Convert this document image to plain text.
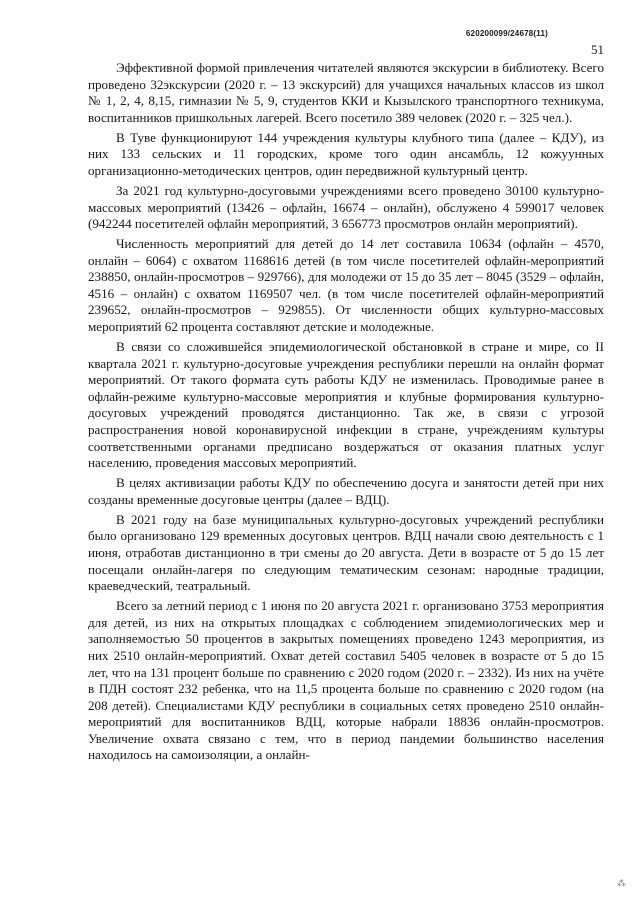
620200099/24678(11)
51

Эффективной формой привлечения читателей являются экскурсии в библиотеку. Всего проведено 32экскурсии (2020 г. – 13 экскурсий) для учащихся начальных классов из школ № 1, 2, 4, 8,15, гимназии № 5, 9, студентов ККИ и Кызылского транспортного техникума, воспитанников пришкольных лагерей. Всего посетило 389 человек (2020 г. – 325 чел.).

В Туве функционируют 144 учреждения культуры клубного типа (далее – КДУ), из них 133 сельских и 11 городских, кроме того один ансамбль, 12 кожуунных организационно-методических центров, один передвижной культурный центр.

За 2021 год культурно-досуговыми учреждениями всего проведено 30100 культурно-массовых мероприятий (13426 – офлайн, 16674 – онлайн), обслужено 4 599017 человек (942244 посетителей офлайн мероприятий, 3 656773 просмотров онлайн мероприятий).

Численность мероприятий для детей до 14 лет составила 10634 (офлайн – 4570, онлайн – 6064) с охватом 1168616 детей (в том числе посетителей офлайн-мероприятий 238850, онлайн-просмотров – 929766), для молодежи от 15 до 35 лет – 8045 (3529 – офлайн, 4516 – онлайн) с охватом 1169507 чел. (в том числе посетителей офлайн-мероприятий 239652, онлайн-просмотров – 929855). От численности общих культурно-массовых мероприятий 62 процента составляют детские и молодежные.

В связи со сложившейся эпидемиологической обстановкой в стране и мире, со II квартала 2021 г. культурно-досуговые учреждения республики перешли на онлайн формат мероприятий. От такого формата суть работы КДУ не изменилась. Проводимые ранее в офлайн-режиме культурно-массовые мероприятия и клубные формирования культурно-досуговых учреждений проводятся дистанционно. Так же, в связи с угрозой распространения новой коронавирусной инфекции в стране, учреждениям культуры соответственными органами предписано воздержаться от оказания платных услуг населению, проведения массовых мероприятий.

В целях активизации работы КДУ по обеспечению досуга и занятости детей при них созданы временные досуговые центры (далее – ВДЦ).

В 2021 году на базе муниципальных культурно-досуговых учреждений республики было организовано 129 временных досуговых центров. ВДЦ начали свою деятельность с 1 июня, отработав дистанционно в три смены до 20 августа. Дети в возрасте от 5 до 15 лет посещали онлайн-лагеря по следующим тематическим сезонам: народные традиции, краеведческий, театральный.

Всего за летний период с 1 июня по 20 августа 2021 г. организовано 3753 мероприятия для детей, из них на открытых площадках с соблюдением эпидемиологических мер и заполняемостью 50 процентов в закрытых помещениях проведено 1243 мероприятия, из них 2510 онлайн-мероприятий. Охват детей составил 5405 человек в возрасте от 5 до 15 лет, что на 131 процент больше по сравнению с 2020 годом (2020 г. – 2332). Из них на учёте в ПДН состоят 232 ребенка, что на 11,5 процента больше по сравнению с 2020 годом (на 208 детей). Специалистами КДУ республики в социальных сетях проведено 2510 онлайн-мероприятий для воспитанников ВДЦ, которые набрали 18836 онлайн-просмотров. Увеличение охвата связано с тем, что в период пандемии большинство населения находилось на самоизоляции, а онлайн-

⁂
